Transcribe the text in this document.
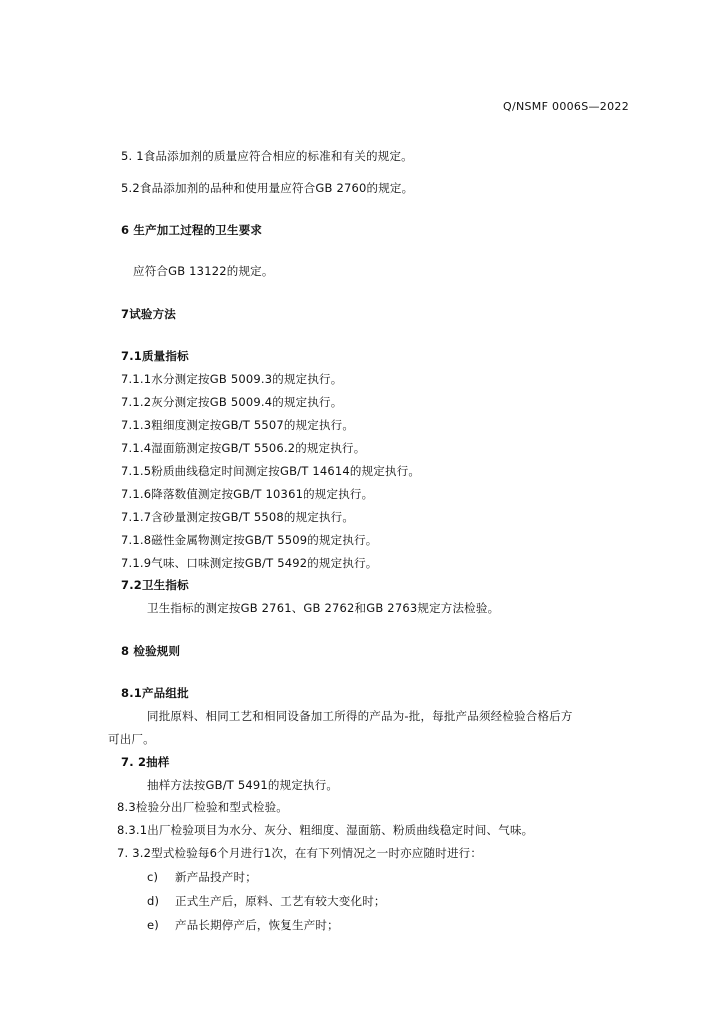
Q/NSMF 0006S—2022
5. 1食品添加剂的质量应符合相应的标准和有关的规定。
5.2食品添加剂的品种和使用量应符合GB 2760的规定。
6 生产加工过程的卫生要求
应符合GB 13122的规定。
7试验方法
7.1质量指标
7.1.1水分测定按GB 5009.3的规定执行。
7.1.2灰分测定按GB 5009.4的规定执行。
7.1.3粗细度测定按GB/T 5507的规定执行。
7.1.4湿面筋测定按GB/T 5506.2的规定执行。
7.1.5粉质曲线稳定时间测定按GB/T 14614的规定执行。
7.1.6降落数值测定按GB/T 10361的规定执行。
7.1.7含砂量测定按GB/T 5508的规定执行。
7.1.8磁性金属物测定按GB/T 5509的规定执行。
7.1.9气味、口味测定按GB/T 5492的规定执行。
7.2卫生指标
卫生指标的测定按GB 2761、GB 2762和GB 2763规定方法检验。
8 检验规则
8.1产品组批
同批原料、相同工艺和相同设备加工所得的产品为-批，每批产品须经检验合格后方
可出厂。
7. 2抽样
抽样方法按GB/T 5491的规定执行。
8.3检验分出厂检验和型式检验。
8.3.1出厂检验项目为水分、灰分、粗细度、湿面筋、粉质曲线稳定时间、气味。
7. 3.2型式检验每6个月进行1次，在有下列情况之一时亦应随时进行：
c) 新产品投产时；
d) 正式生产后，原料、工艺有较大变化时；
e) 产品长期停产后，恢复生产时；
